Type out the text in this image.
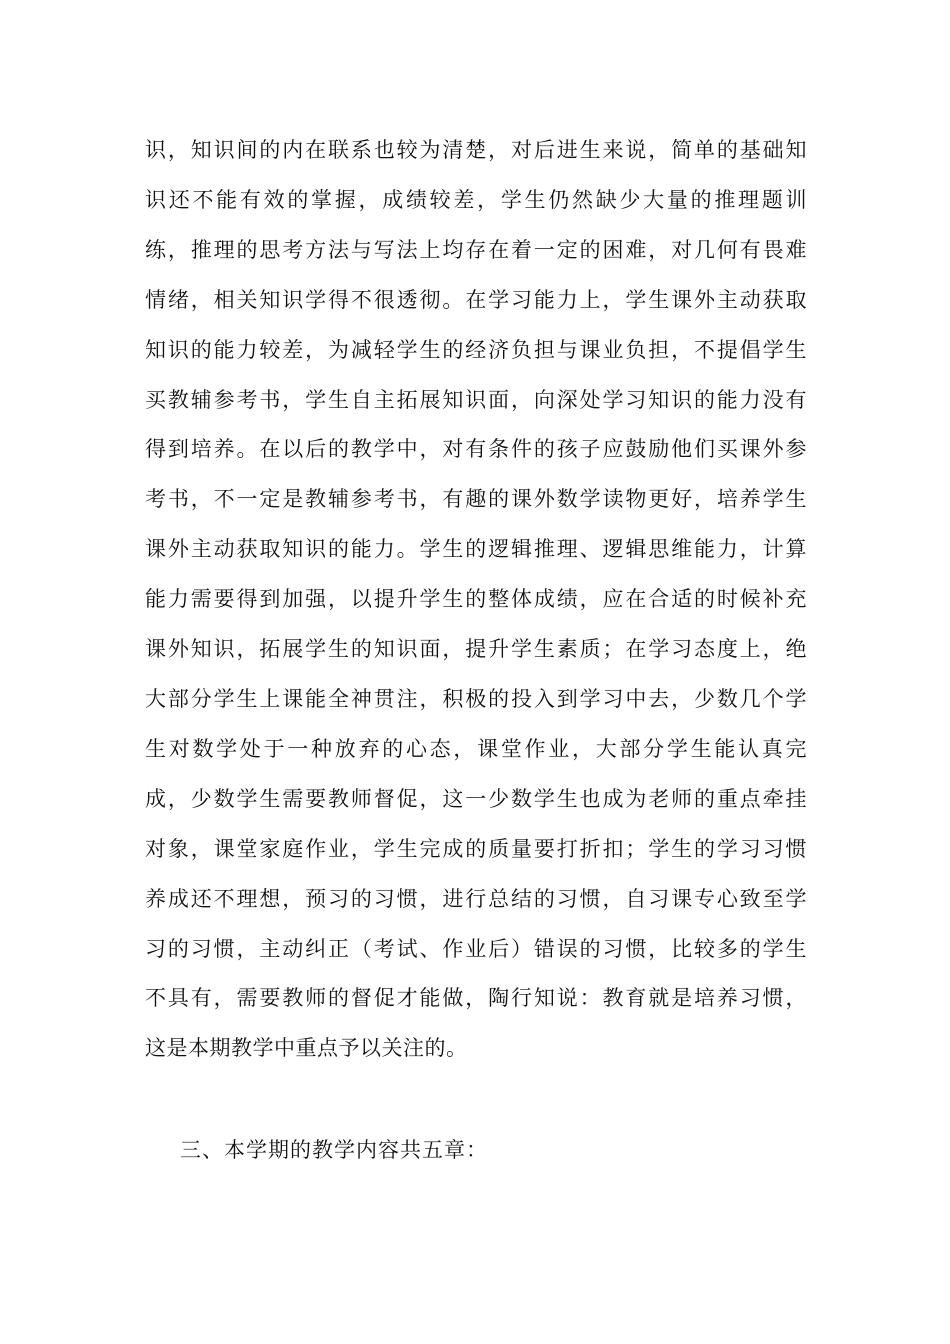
识，知识间的内在联系也较为清楚，对后进生来说，简单的基础知
识还不能有效的掌握，成绩较差，学生仍然缺少大量的推理题训
练，推理的思考方法与写法上均存在着一定的困难，对几何有畏难
情绪，相关知识学得不很透彻。在学习能力上，学生课外主动获取
知识的能力较差，为减轻学生的经济负担与课业负担，不提倡学生
买教辅参考书，学生自主拓展知识面，向深处学习知识的能力没有
得到培养。在以后的教学中，对有条件的孩子应鼓励他们买课外参
考书，不一定是教辅参考书，有趣的课外数学读物更好，培养学生
课外主动获取知识的能力。学生的逻辑推理、逻辑思维能力，计算
能力需要得到加强，以提升学生的整体成绩，应在合适的时候补充
课外知识，拓展学生的知识面，提升学生素质；在学习态度上，绝
大部分学生上课能全神贯注，积极的投入到学习中去，少数几个学
生对数学处于一种放弃的心态，课堂作业，大部分学生能认真完
成，少数学生需要教师督促，这一少数学生也成为老师的重点牵挂
对象，课堂家庭作业，学生完成的质量要打折扣；学生的学习习惯
养成还不理想，预习的习惯，进行总结的习惯，自习课专心致至学
习的习惯，主动纠正（考试、作业后）错误的习惯，比较多的学生
不具有，需要教师的督促才能做，陶行知说：教育就是培养习惯，
这是本期教学中重点予以关注的。
三、本学期的教学内容共五章：
